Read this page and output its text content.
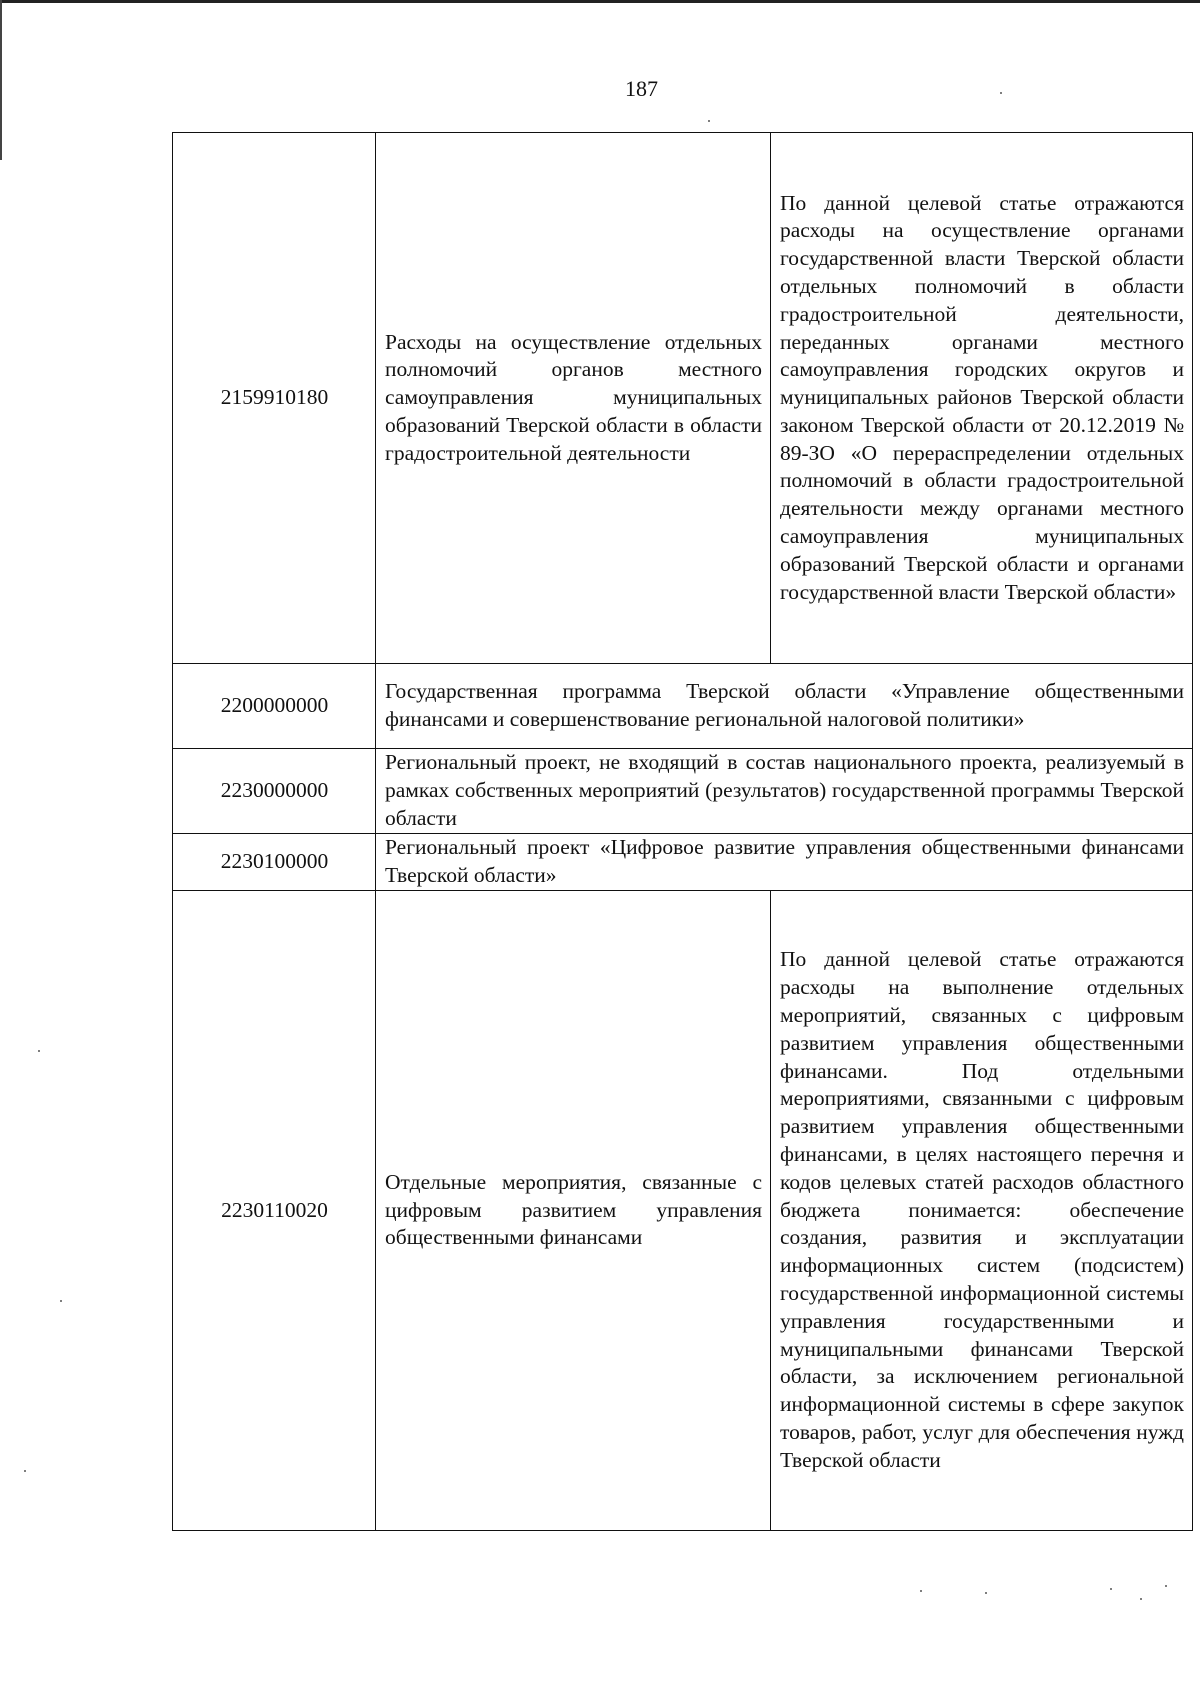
187
2159910180	Расходы на осуществление отдельных полномочий органов местного самоуправления муниципальных образований Тверской области в области градостроительной деятельности	По данной целевой статье отражаются расходы на осуществление органами государственной власти Тверской области отдельных полномочий в области градостроительной деятельности, переданных органами местного самоуправления городских округов и муниципальных районов Тверской области законом Тверской области от 20.12.2019 № 89-ЗО «О перераспределении отдельных полномочий в области градостроительной деятельности между органами местного самоуправления муниципальных образований Тверской области и органами государственной власти Тверской области»
2200000000	Государственная программа Тверской области «Управление общественными финансами и совершенствование региональной налоговой политики»	
2230000000	Региональный проект, не входящий в состав национального проекта, реализуемый в рамках собственных мероприятий (результатов) государственной программы Тверской области	
2230100000	Региональный проект «Цифровое развитие управления общественными финансами Тверской области»	
2230110020	Отдельные мероприятия, связанные с цифровым развитием управления общественными финансами	По данной целевой статье отражаются расходы на выполнение отдельных мероприятий, связанных с цифровым развитием управления общественными финансами. Под отдельными мероприятиями, связанными с цифровым развитием управления общественными финансами, в целях настоящего перечня и кодов целевых статей расходов областного бюджета понимается: обеспечение создания, развития и эксплуатации информационных систем (подсистем) государственной информационной системы управления государственными и муниципальными финансами Тверской области, за исключением региональной информационной системы в сфере закупок товаров, работ, услуг для обеспечения нужд Тверской области
